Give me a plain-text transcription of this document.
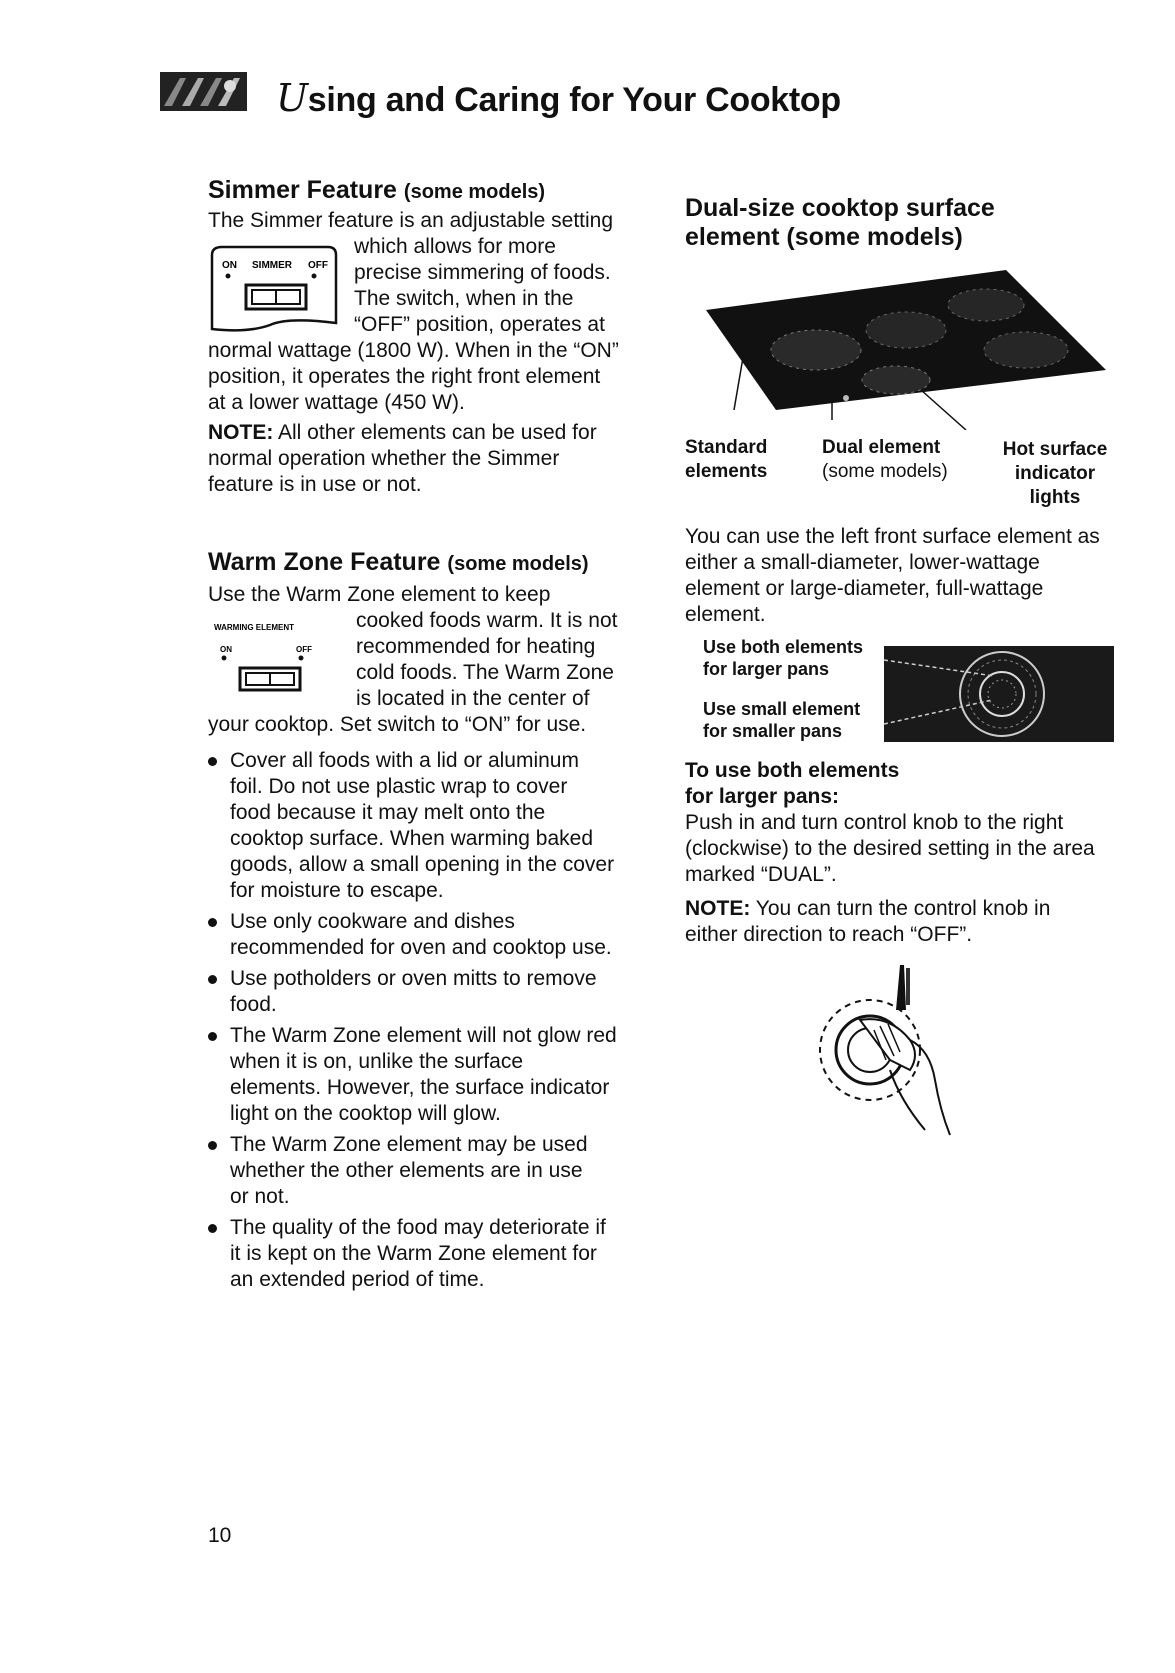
Using and Caring for Your Cooktop
Simmer Feature (some models)
The Simmer feature is an adjustable setting
ON SIMMER OFF
which allows for more
precise simmering of foods.
The switch, when in the
“OFF” position, operates at
normal wattage (1800 W). When in the “ON”
position, it operates the right front element
at a lower wattage (450 W).
NOTE: All other elements can be used for
normal operation whether the Simmer
feature is in use or not.
Warm Zone Feature (some models)
Use the Warm Zone element to keep
WARMING ELEMENT
ON	OFF
cooked foods warm. It is not
recommended for heating
cold foods. The Warm Zone
is located in the center of
your cooktop. Set switch to “ON” for use.
Cover all foods with a lid or aluminum
foil. Do not use plastic wrap to cover
food because it may melt onto the
cooktop surface. When warming baked
goods, allow a small opening in the cover
for moisture to escape.
Use only cookware and dishes
recommended for oven and cooktop use.
Use potholders or oven mitts to remove
food.
The Warm Zone element will not glow red
when it is on, unlike the surface
elements. However, the surface indicator
light on the cooktop will glow.
The Warm Zone element may be used
whether the other elements are in use
or not.
The quality of the food may deteriorate if
it is kept on the Warm Zone element for
an extended period of time.
Dual-size cooktop surface
element (some models)
Standard
elements
Dual element
(some models)
Hot surface
indicator
lights
You can use the left front surface element as
either a small-diameter, lower-wattage
element or large-diameter, full-wattage
element.
Use both elements
for larger pans
Use small element
for smaller pans
To use both elements
for larger pans:
Push in and turn control knob to the right
(clockwise) to the desired setting in the area
marked “DUAL”.
NOTE: You can turn the control knob in
either direction to reach “OFF”.
10
